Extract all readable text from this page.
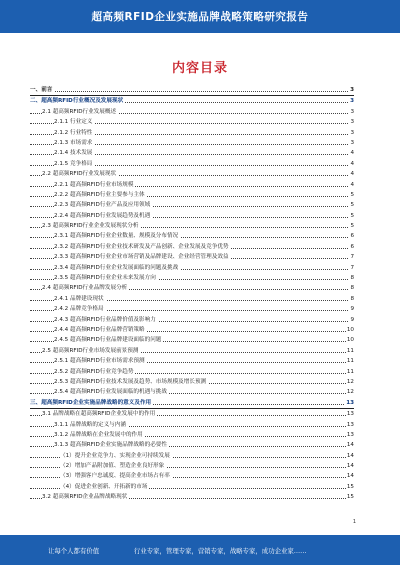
超高频RFID企业实施品牌战略策略研究报告
内容目录
一、前言	3
二、超高频RFID行业概况及发展现状	3
2.1 超高频RFID行业发展概述	3
2.1.1 行业定义	3
2.1.2 行业特性	3
2.1.3 市场需求	3
2.1.4 技术发展	4
2.1.5 竞争格局	4
2.2 超高频RFID行业发展现状	4
2.2.1 超高频RFID行业市场规模	4
2.2.2 超高频RFID行业主要参与主体	5
2.2.3 超高频RFID行业产品及应用领域	5
2.2.4 超高频RFID行业发展趋势及机遇	5
2.3 超高频RFID行业企业发展现状分析	5
2.3.1 超高频RFID行业企业数量、规模及分布情况	6
2.3.2 超高频RFID行业企业技术研发及产品创新、企业发展及竞争优势	6
2.3.3 超高频RFID行业企业市场营销及品牌建设、企业经营管理及效益	7
2.3.4 超高频RFID行业企业发展面临的问题及挑战	7
2.3.5 超高频RFID行业企业未来发展方向	8
2.4 超高频RFID行业品牌发展分析	8
2.4.1 品牌建设现状	8
2.4.2 品牌竞争格局	9
2.4.3 超高频RFID行业品牌价值及影响力	9
2.4.4 超高频RFID行业品牌营销策略	10
2.4.5 超高频RFID行业品牌建设面临的问题	10
2.5 超高频RFID行业市场发展前景预测	11
2.5.1 超高频RFID行业市场需求预测	11
2.5.2 超高频RFID行业竞争趋势	11
2.5.3 超高频RFID行业技术发展及趋势、市场规模及增长预测	12
2.5.4 超高频RFID行业发展面临的机遇与挑战	12
三、超高频RFID企业实施品牌战略的意义及作用	13
3.1 品牌战略在超高频RFID企业发展中的作用	13
3.1.1 品牌战略的定义与内涵	13
3.1.2 品牌战略在企业发展中的作用	13
3.1.3 超高频RFID企业实施品牌战略的必要性	14
（1）提升企业竞争力、实现企业可持续发展	14
（2）增加产品附加值、塑造企业良好形象	14
（3）增强客户忠诚度、提高企业市场占有率	14
（4）促进企业创新、开拓新的市场	15
3.2 超高频RFID企业品牌战略现状	15
1
让每个人都有价值	行业专家，管理专家，营销专家，战略专家，成功企业家……
